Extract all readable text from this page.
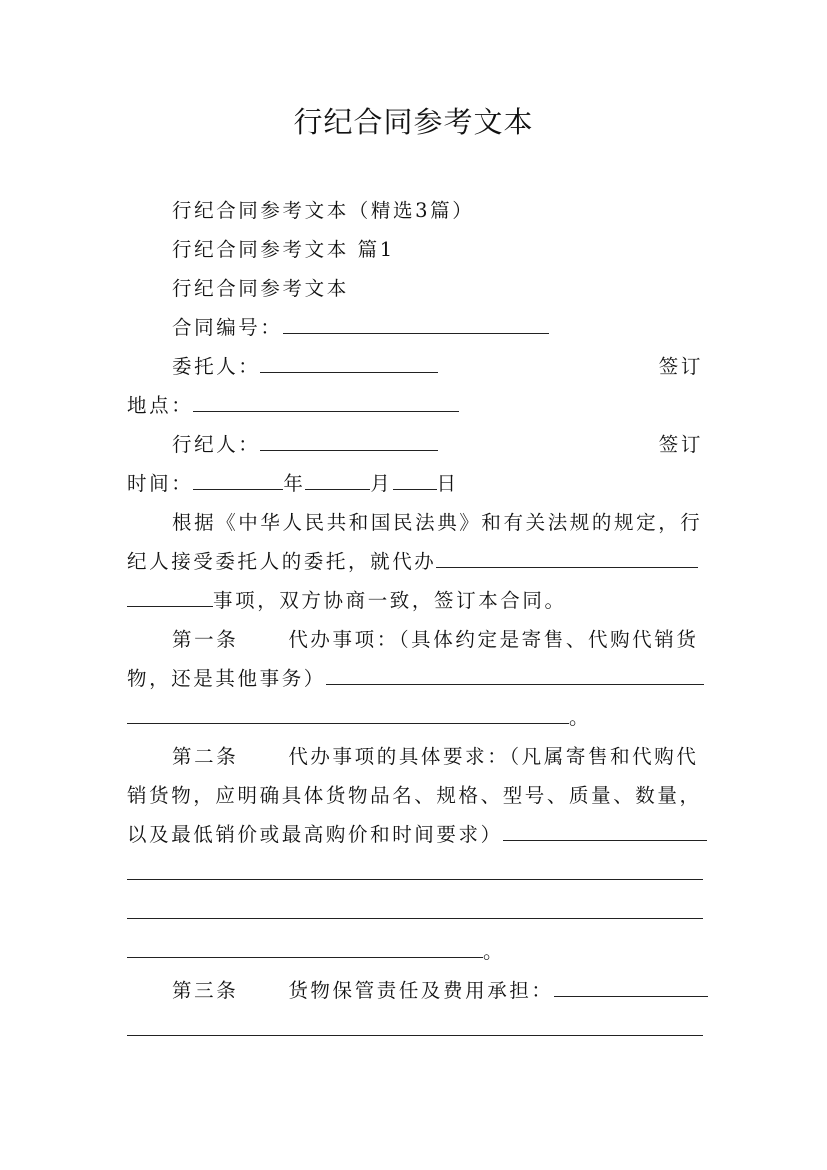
行纪合同参考文本
行纪合同参考文本（精选3篇）
行纪合同参考文本 篇1
行纪合同参考文本
合同编号：
委托人：	签订
地点：
行纪人：	签订
时间：	年	月 日
根据《中华人民共和国民法典》和有关法规的规定，行
纪人接受委托人的委托，就代办
事项，双方协商一致，签订本合同。
第一条	代办事项：（具体约定是寄售、代购代销货
物，还是其他事务）
。
第二条	代办事项的具体要求：（凡属寄售和代购代
销货物，应明确具体货物品名、规格、型号、质量、数量，
以及最低销价或最高购价和时间要求）
。
第三条	货物保管责任及费用承担：
